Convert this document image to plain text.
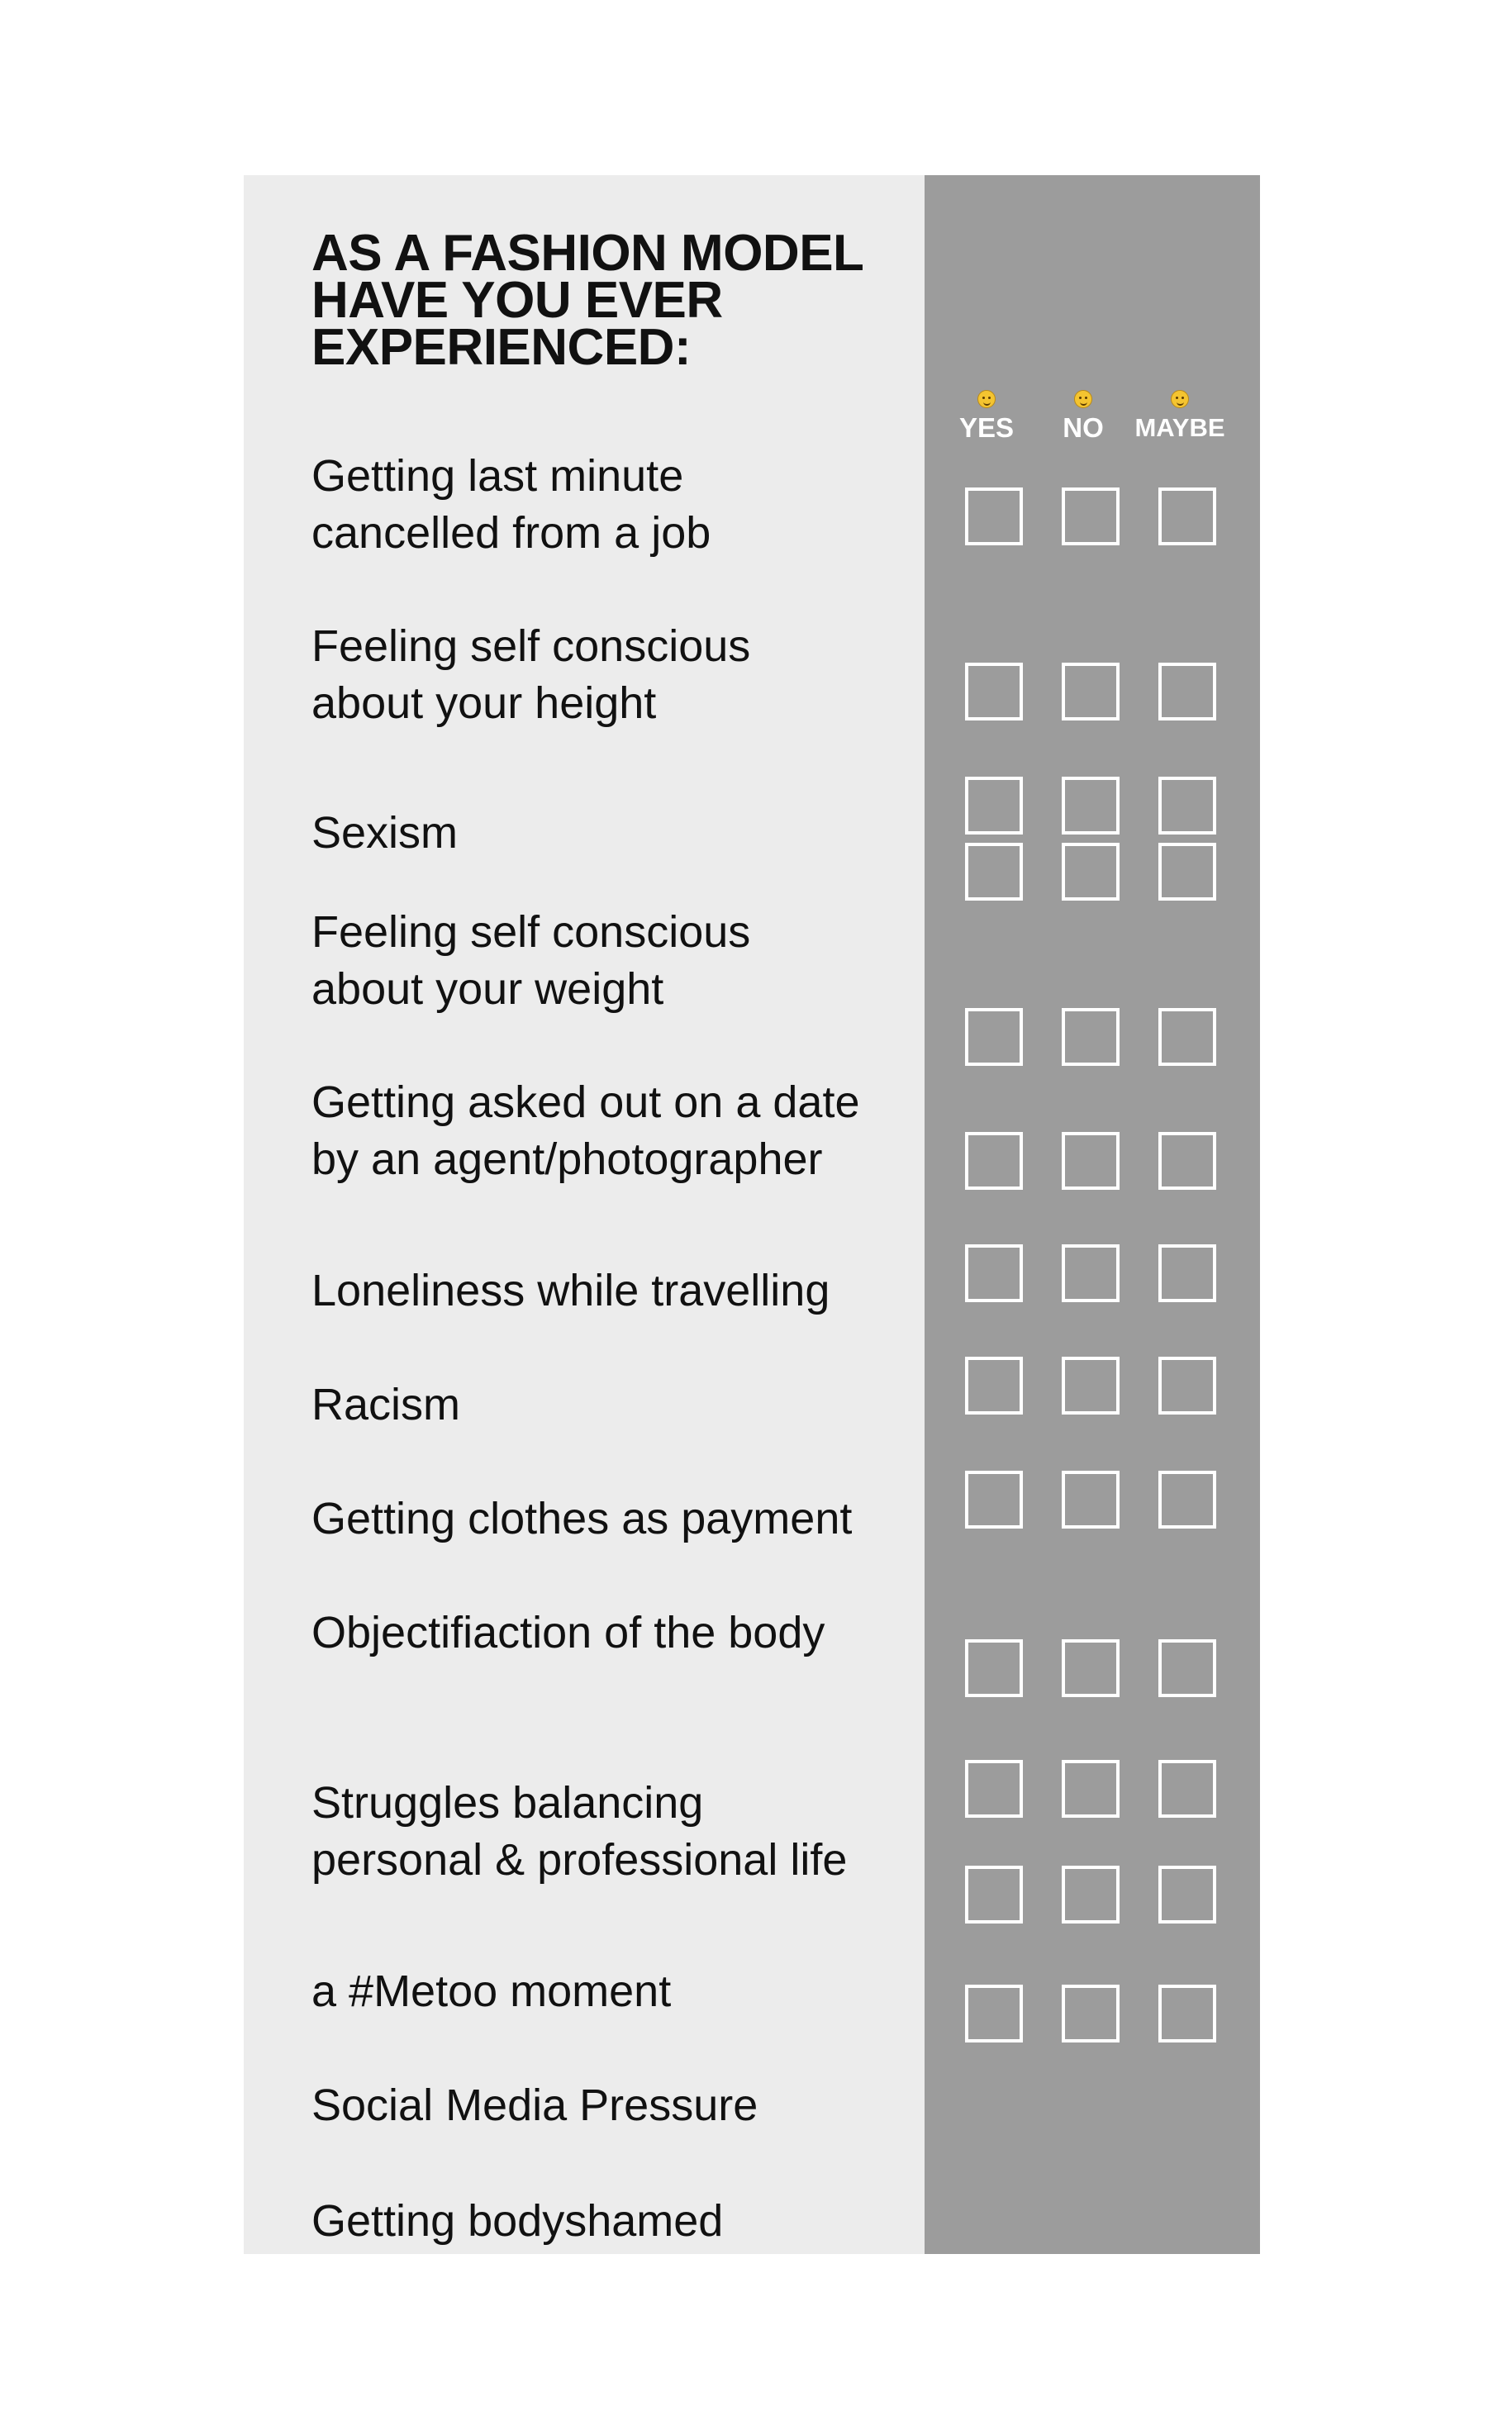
AS A FASHION MODEL
HAVE YOU EVER
EXPERIENCED:
YES NO MAYBE
Getting last minute
cancelled from a job
Feeling self conscious
about your height
Sexism
Feeling self conscious
about your weight
Getting asked out on a date
by an agent/photographer
Loneliness while travelling
Racism
Getting clothes as payment
Objectifiaction of the body
Struggles balancing
personal & professional life
a #Metoo moment
Social Media Pressure
Getting bodyshamed
